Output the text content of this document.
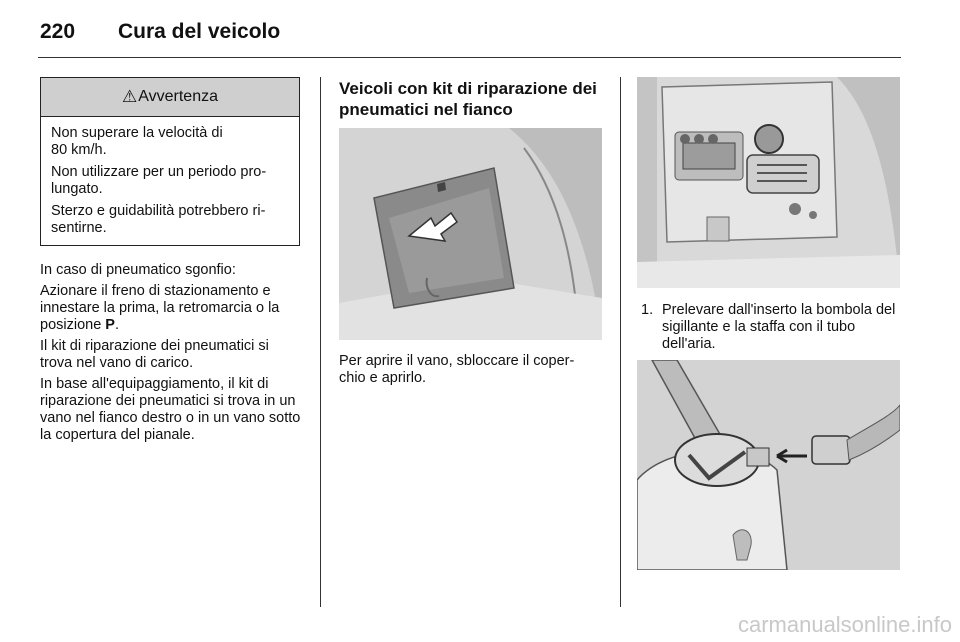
220 Cura del veicolo
⚠ Avvertenza

Non superare la velocità di 80 km/h.

Non utilizzare per un periodo pro- lungato.

Sterzo e guidabilità potrebbero ri- sentirne.

In caso di pneumatico sgonfio:

Azionare il freno di stazionamento e innestare la prima, la retromarcia o la posizione P.

Il kit di riparazione dei pneumatici si trova nel vano di carico.

In base all'equipaggiamento, il kit di riparazione dei pneumatici si trova in un vano nel fianco destro o in un vano sotto la copertura del pianale.

Veicoli con kit di riparazione dei pneumatici nel fianco

Per aprire il vano, sbloccare il coper- chio e aprirlo.

1. Prelevare dall'inserto la bombola del sigillante e la staffa con il tubo dell'aria.
carmanualsonline.info
